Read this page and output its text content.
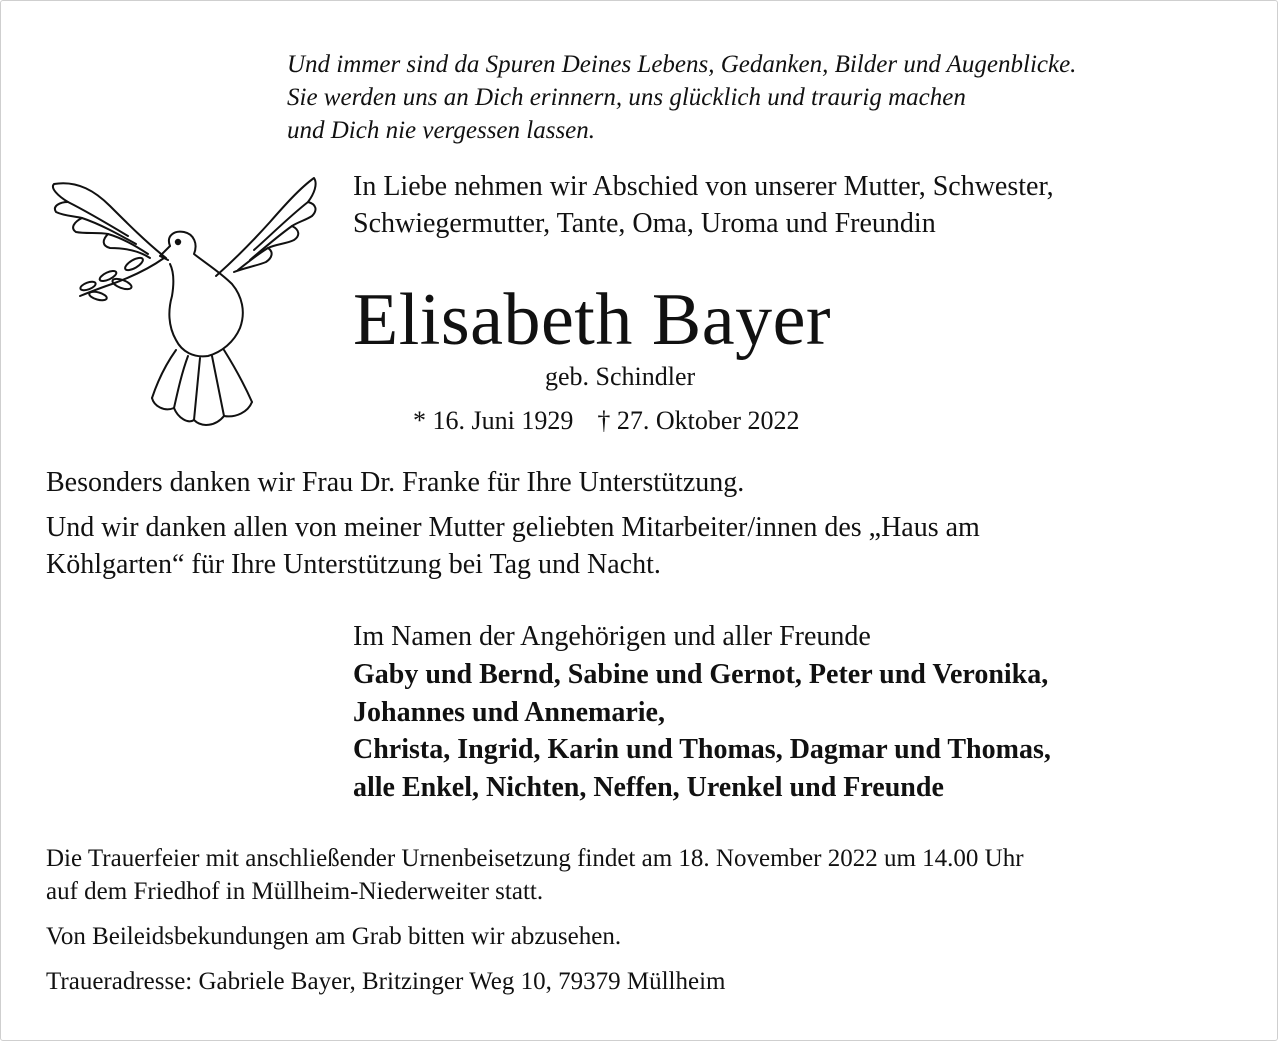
Und immer sind da Spuren Deines Lebens, Gedanken, Bilder und Augenblicke.
Sie werden uns an Dich erinnern, uns glücklich und traurig machen
und Dich nie vergessen lassen.
In Liebe nehmen wir Abschied von unserer Mutter, Schwester,
Schwiegermutter, Tante, Oma, Uroma und Freundin
Elisabeth Bayer
geb. Schindler
* 16. Juni 1929 † 27. Oktober 2022
Besonders danken wir Frau Dr. Franke für Ihre Unterstützung.
Und wir danken allen von meiner Mutter geliebten Mitarbeiter/innen des „Haus am
Köhlgarten“ für Ihre Unterstützung bei Tag und Nacht.
Im Namen der Angehörigen und aller Freunde
Gaby und Bernd, Sabine und Gernot, Peter und Veronika,
Johannes und Annemarie,
Christa, Ingrid, Karin und Thomas, Dagmar und Thomas,
alle Enkel, Nichten, Neffen, Urenkel und Freunde
Die Trauerfeier mit anschließender Urnenbeisetzung findet am 18. November 2022 um 14.00 Uhr
auf dem Friedhof in Müllheim-Niederweiter statt.
Von Beileidsbekundungen am Grab bitten wir abzusehen.
Traueradresse: Gabriele Bayer, Britzinger Weg 10, 79379 Müllheim
